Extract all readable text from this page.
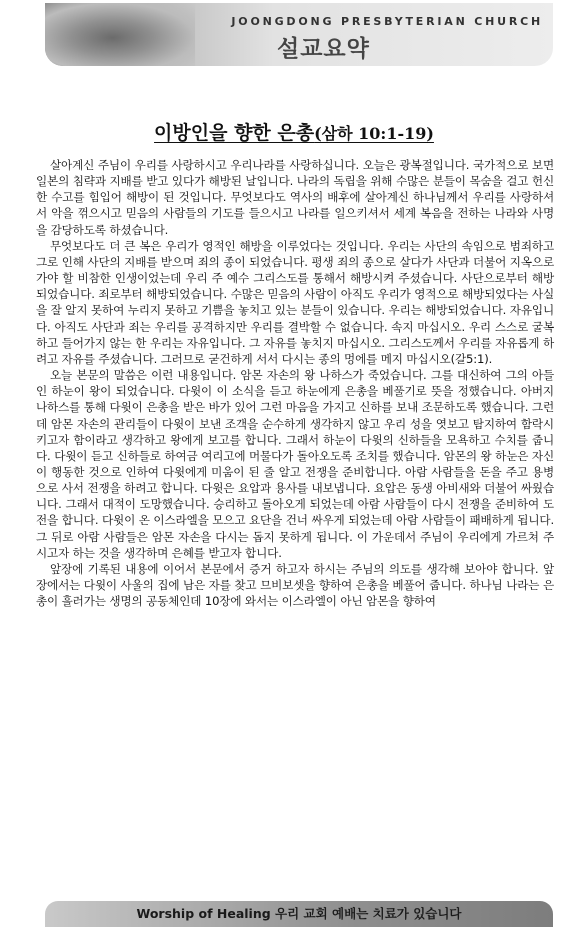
JOONGDONG PRESBYTERIAN CHURCH
설교요약
이방인을 향한 은총(삼하 10:1-19)

살아계신 주님이 우리를 사랑하시고 우리나라를 사랑하십니다. 오늘은 광복절입니다. 국가적으로 보면 일본의 침략과 지배를 받고 있다가 해방된 날입니다. 나라의 독립을 위해 수많은 분들이 목숨을 걸고 헌신한 수고를 힘입어 해방이 된 것입니다. 무엇보다도 역사의 배후에 살아계신 하나님께서 우리를 사랑하셔서 악을 꺾으시고 믿음의 사람들의 기도를 들으시고 나라를 일으키셔서 세계 복음을 전하는 나라와 사명을 감당하도록 하셨습니다.

무엇보다도 더 큰 복은 우리가 영적인 해방을 이루었다는 것입니다. 우리는 사단의 속임으로 범죄하고 그로 인해 사단의 지배를 받으며 죄의 종이 되었습니다. 평생 죄의 종으로 살다가 사단과 더불어 지옥으로 가야 할 비참한 인생이었는데 우리 주 예수 그리스도를 통해서 해방시켜 주셨습니다. 사단으로부터 해방되었습니다. 죄로부터 해방되었습니다. 수많은 믿음의 사람이 아직도 우리가 영적으로 해방되었다는 사실을 잘 알지 못하여 누리지 못하고 기쁨을 놓치고 있는 분들이 있습니다. 우리는 해방되었습니다. 자유입니다. 아직도 사단과 죄는 우리를 공격하지만 우리를 결박할 수 없습니다. 속지 마십시오. 우리 스스로 굴복하고 들어가지 않는 한 우리는 자유입니다. 그 자유를 놓치지 마십시오. 그리스도께서 우리를 자유롭게 하려고 자유를 주셨습니다. 그러므로 굳건하게 서서 다시는 종의 멍에를 메지 마십시오(갈5:1).

오늘 본문의 말씀은 이런 내용입니다. 암몬 자손의 왕 나하스가 죽었습니다. 그를 대신하여 그의 아들인 하눈이 왕이 되었습니다. 다윗이 이 소식을 듣고 하눈에게 은총을 베풀기로 뜻을 정했습니다. 아버지 나하스를 통해 다윗이 은총을 받은 바가 있어 그런 마음을 가지고 신하를 보내 조문하도록 했습니다. 그런데 암몬 자손의 관리들이 다윗이 보낸 조객을 순수하게 생각하지 않고 우리 성을 엿보고 탐지하여 함락시키고자 함이라고 생각하고 왕에게 보고를 합니다. 그래서 하눈이 다윗의 신하들을 모욕하고 수치를 줍니다. 다윗이 듣고 신하들로 하여금 여리고에 머물다가 돌아오도록 조치를 했습니다. 암몬의 왕 하눈은 자신이 행동한 것으로 인하여 다윗에게 미움이 된 줄 알고 전쟁을 준비합니다. 아람 사람들을 돈을 주고 용병으로 사서 전쟁을 하려고 합니다. 다윗은 요압과 용사를 내보냅니다. 요압은 동생 아비새와 더불어 싸웠습니다. 그래서 대적이 도망했습니다. 승리하고 돌아오게 되었는데 아람 사람들이 다시 전쟁을 준비하여 도전을 합니다. 다윗이 온 이스라엘을 모으고 요단을 건너 싸우게 되었는데 아람 사람들이 패배하게 됩니다. 그 뒤로 아람 사람들은 암몬 자손을 다시는 돕지 못하게 됩니다. 이 가운데서 주님이 우리에게 가르쳐 주시고자 하는 것을 생각하며 은혜를 받고자 합니다.

앞장에 기록된 내용에 이어서 본문에서 증거 하고자 하시는 주님의 의도를 생각해 보아야 합니다. 앞 장에서는 다윗이 사울의 집에 남은 자를 찾고 므비보셋을 향하여 은총을 베풀어 줍니다. 하나님 나라는 은총이 흘러가는 생명의 공동체인데 10장에 와서는 이스라엘이 아닌 암몬을 향하여

Worship of Healing 우리 교회 예배는 치료가 있습니다
